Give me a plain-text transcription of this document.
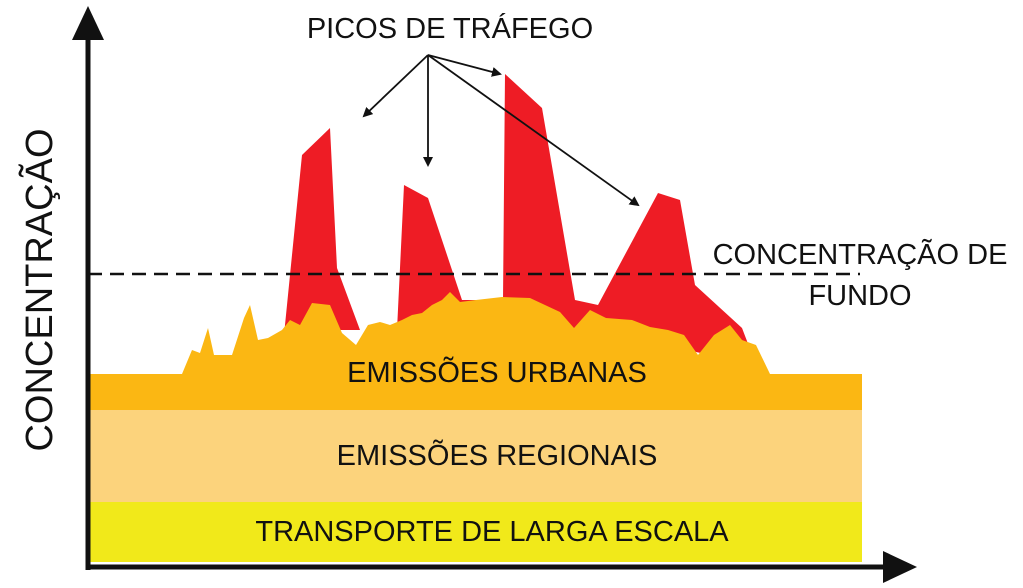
PICOS DE TRÁFEGO
CONCENTRAÇÃO DE
FUNDO
EMISSÕES URBANAS
EMISSÕES REGIONAIS
TRANSPORTE DE LARGA ESCALA
CONCENTRAÇÃO
